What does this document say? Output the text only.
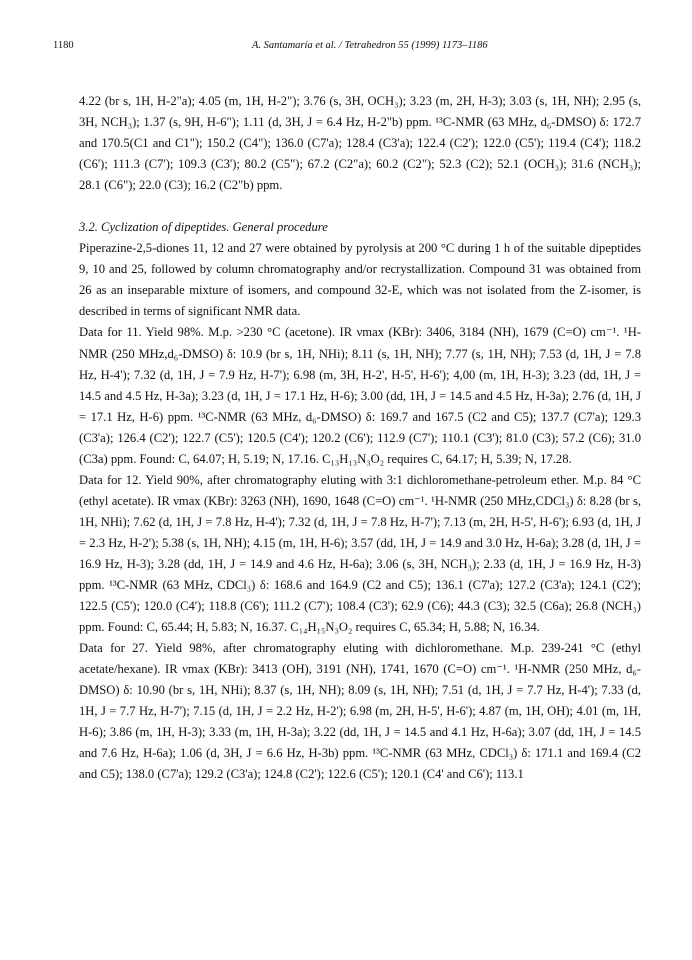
1180	A. Santamaría et al. / Tetrahedron 55 (1999) 1173–1186

4.22 (br s, 1H, H-2"a); 4.05 (m, 1H, H-2"); 3.76 (s, 3H, OCH₃); 3.23 (m, 2H, H-3); 3.03 (s, 1H, NH); 2.95 (s, 3H, NCH₃); 1.37 (s, 9H, H-6"); 1.11 (d, 3H, J = 6.4 Hz, H-2"b) ppm. ¹³C-NMR (63 MHz, d₆-DMSO) δ: 172.7 and 170.5(C1 and C1"); 150.2 (C4"); 136.0 (C7'a); 128.4 (C3'a); 122.4 (C2'); 122.0 (C5'); 119.4 (C4'); 118.2 (C6'); 111.3 (C7'); 109.3 (C3'); 80.2 (C5"); 67.2 (C2"a); 60.2 (C2"); 52.3 (C2); 52.1 (OCH₃); 31.6 (NCH₃); 28.1 (C6"); 22.0 (C3); 16.2 (C2"b) ppm.

3.2. Cyclization of dipeptides. General procedure

Piperazine-2,5-diones 11, 12 and 27 were obtained by pyrolysis at 200 °C during 1 h of the suitable dipeptides 9, 10 and 25, followed by column chromatography and/or recrystallization. Compound 31 was obtained from 26 as an inseparable mixture of isomers, and compound 32-E, which was not isolated from the Z-isomer, is described in terms of significant NMR data.

Data for 11. Yield 98%. M.p. >230 °C (acetone). IR νmax (KBr): 3406, 3184 (NH), 1679 (C=O) cm⁻¹. ¹H-NMR (250 MHz,d₆-DMSO) δ: 10.9 (br s, 1H, NHi); 8.11 (s, 1H, NH); 7.77 (s, 1H, NH); 7.53 (d, 1H, J = 7.8 Hz, H-4'); 7.32 (d, 1H, J = 7.9 Hz, H-7'); 6.98 (m, 3H, H-2', H-5', H-6'); 4,00 (m, 1H, H-3); 3.23 (dd, 1H, J = 14.5 and 4.5 Hz, H-3a); 3.23 (d, 1H, J = 17.1 Hz, H-6); 3.00 (dd, 1H, J = 14.5 and 4.5 Hz, H-3a); 2.76 (d, 1H, J = 17.1 Hz, H-6) ppm. ¹³C-NMR (63 MHz, d₆-DMSO) δ: 169.7 and 167.5 (C2 and C5); 137.7 (C7'a); 129.3 (C3'a); 126.4 (C2'); 122.7 (C5'); 120.5 (C4'); 120.2 (C6'); 112.9 (C7'); 110.1 (C3'); 81.0 (C3); 57.2 (C6); 31.0 (C3a) ppm. Found: C, 64.07; H, 5.19; N, 17.16. C₁₃H₁₃N₃O₂ requires C, 64.17; H, 5.39; N, 17.28.

Data for 12. Yield 90%, after chromatography eluting with 3:1 dichloromethane-petroleum ether. M.p. 84 °C (ethyl acetate). IR νmax (KBr): 3263 (NH), 1690, 1648 (C=O) cm⁻¹. ¹H-NMR (250 MHz,CDCl₃) δ: 8.28 (br s, 1H, NHi); 7.62 (d, 1H, J = 7.8 Hz, H-4'); 7.32 (d, 1H, J = 7.8 Hz, H-7'); 7.13 (m, 2H, H-5', H-6'); 6.93 (d, 1H, J = 2.3 Hz, H-2'); 5.38 (s, 1H, NH); 4.15 (m, 1H, H-6); 3.57 (dd, 1H, J = 14.9 and 3.0 Hz, H-6a); 3.28 (d, 1H, J = 16.9 Hz, H-3); 3.28 (dd, 1H, J = 14.9 and 4.6 Hz, H-6a); 3.06 (s, 3H, NCH₃); 2.33 (d, 1H, J = 16.9 Hz, H-3) ppm. ¹³C-NMR (63 MHz, CDCl₃) δ: 168.6 and 164.9 (C2 and C5); 136.1 (C7'a); 127.2 (C3'a); 124.1 (C2'); 122.5 (C5'); 120.0 (C4'); 118.8 (C6'); 111.2 (C7'); 108.4 (C3'); 62.9 (C6); 44.3 (C3); 32.5 (C6a); 26.8 (NCH₃) ppm. Found: C, 65.44; H, 5.83; N, 16.37. C₁₄H₁₅N₃O₂ requires C, 65.34; H, 5.88; N, 16.34.

Data for 27. Yield 98%, after chromatography eluting with dichloromethane. M.p. 239-241 °C (ethyl acetate/hexane). IR νmax (KBr): 3413 (OH), 3191 (NH), 1741, 1670 (C=O) cm⁻¹. ¹H-NMR (250 MHz, d₆-DMSO) δ: 10.90 (br s, 1H, NHi); 8.37 (s, 1H, NH); 8.09 (s, 1H, NH); 7.51 (d, 1H, J = 7.7 Hz, H-4'); 7.33 (d, 1H, J = 7.7 Hz, H-7'); 7.15 (d, 1H, J = 2.2 Hz, H-2'); 6.98 (m, 2H, H-5', H-6'); 4.87 (m, 1H, OH); 4.01 (m, 1H, H-6); 3.86 (m, 1H, H-3); 3.33 (m, 1H, H-3a); 3.22 (dd, 1H, J = 14.5 and 4.1 Hz, H-6a); 3.07 (dd, 1H, J = 14.5 and 7.6 Hz, H-6a); 1.06 (d, 3H, J = 6.6 Hz, H-3b) ppm. ¹³C-NMR (63 MHz, CDCl₃) δ: 171.1 and 169.4 (C2 and C5); 138.0 (C7'a); 129.2 (C3'a); 124.8 (C2'); 122.6 (C5'); 120.1 (C4' and C6'); 113.1
